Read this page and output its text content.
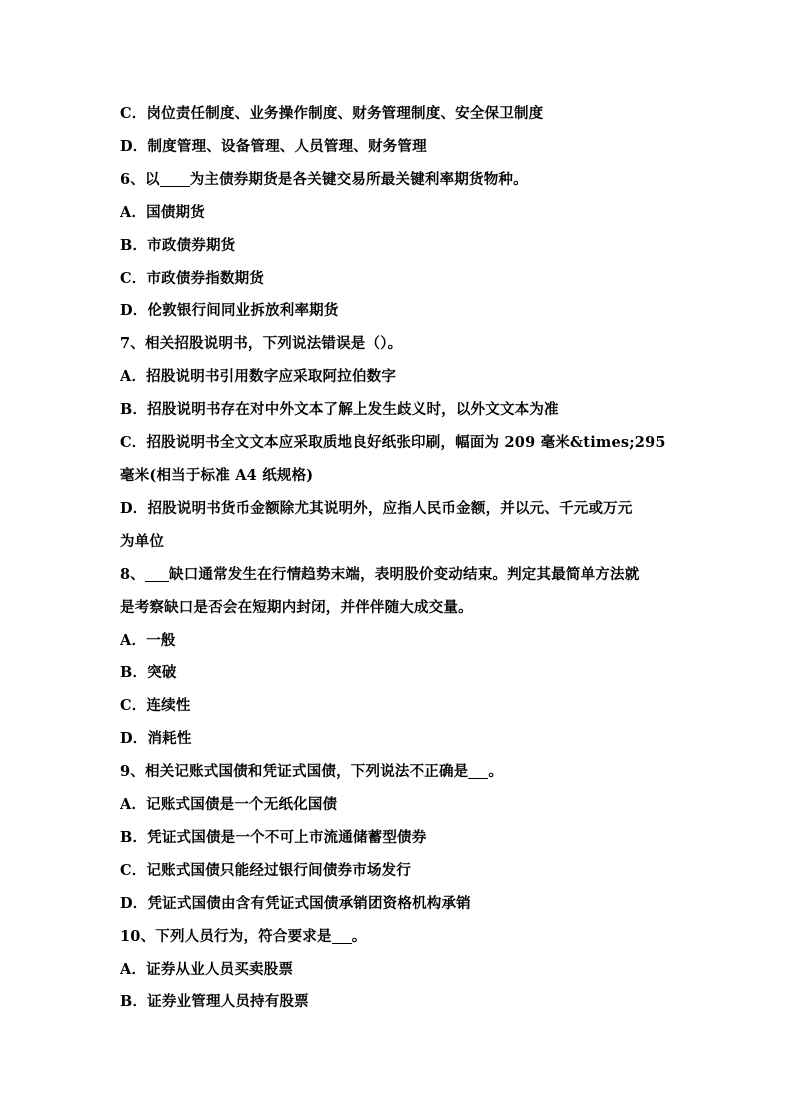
C．岗位责任制度、业务操作制度、财务管理制度、安全保卫制度
D．制度管理、设备管理、人员管理、财务管理
6、以 为主债券期货是各关键交易所最关键利率期货物种。
A．国债期货
B．市政债券期货
C．市政债券指数期货
D．伦敦银行间同业拆放利率期货
7、相关招股说明书，下列说法错误是（）。
A．招股说明书引用数字应采取阿拉伯数字
B．招股说明书存在对中外文本了解上发生歧义时，以外文文本为准
C．招股说明书全文文本应采取质地良好纸张印刷，幅面为 209 毫米&times;295
毫米(相当于标准 A4 纸规格)
D．招股说明书货币金额除尤其说明外，应指人民币金额，并以元、千元或万元
为单位
8、 缺口通常发生在行情趋势末端，表明股价变动结束。判定其最简单方法就
是考察缺口是否会在短期内封闭，并伴伴随大成交量。
A．一般
B．突破
C．连续性
D．消耗性
9、相关记账式国债和凭证式国债，下列说法不正确是 。
A．记账式国债是一个无纸化国债
B．凭证式国债是一个不可上市流通储蓄型债券
C．记账式国债只能经过银行间债券市场发行
D．凭证式国债由含有凭证式国债承销团资格机构承销
10、下列人员行为，符合要求是 。
A．证券从业人员买卖股票
B．证券业管理人员持有股票
